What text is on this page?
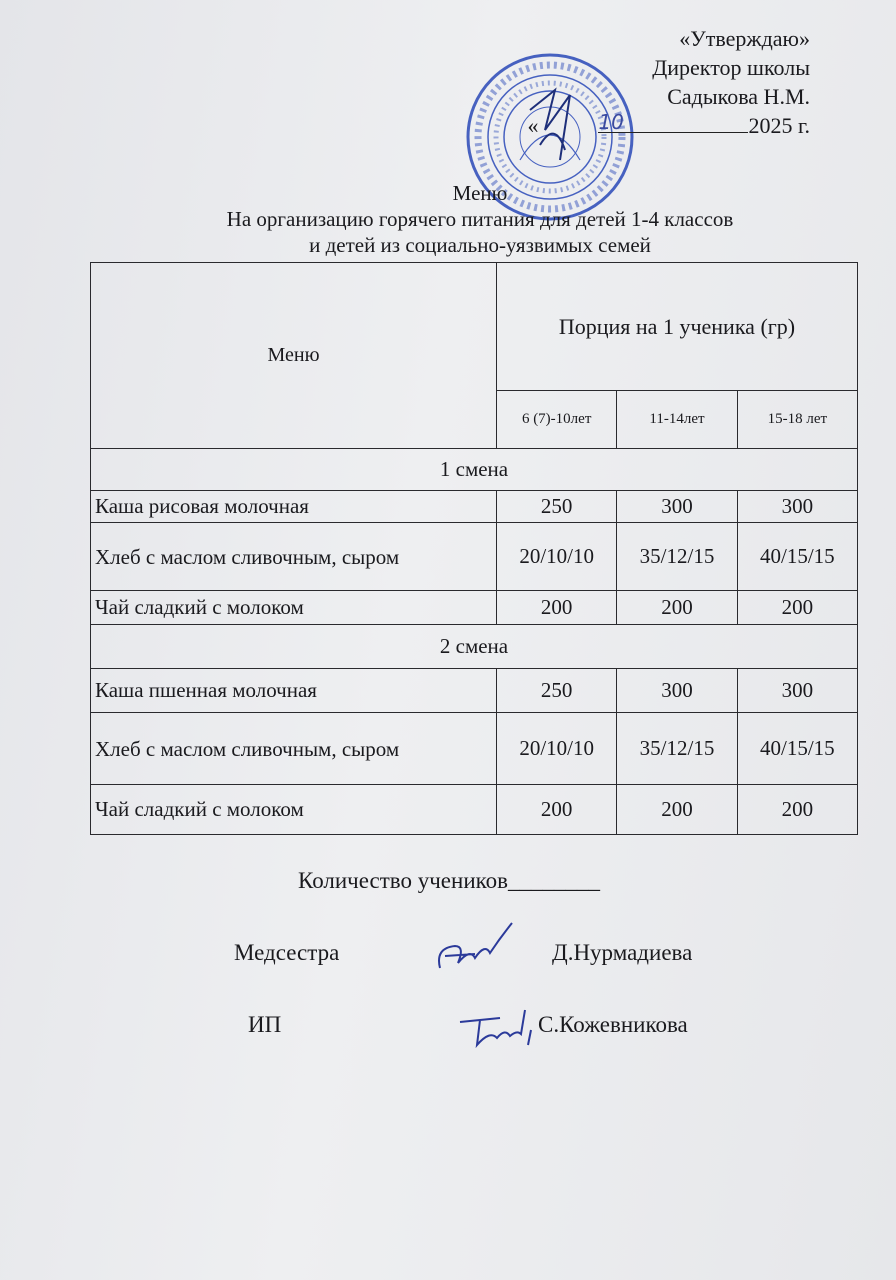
«Утверждаю»
Директор школы
Садыкова Н.М.
«	10	2025 г.
Меню
На организацию горячего питания для детей 1-4 классов
и детей из социально-уязвимых семей
Меню	Порция на 1 ученика (гр)		
	6 (7)-10лет	11-14лет	15-18 лет
1 смена			
Каша рисовая молочная	250	300	300
Хлеб с маслом сливочным, сыром	20/10/10	35/12/15	40/15/15
Чай сладкий с молоком	200	200	200
2 смена			
Каша пшенная молочная	250	300	300
Хлеб с маслом сливочным, сыром	20/10/10	35/12/15	40/15/15
Чай сладкий с молоком	200	200	200
Количество учеников________
Медсестра	Д.Нурмадиева
ИП	С.Кожевникова
